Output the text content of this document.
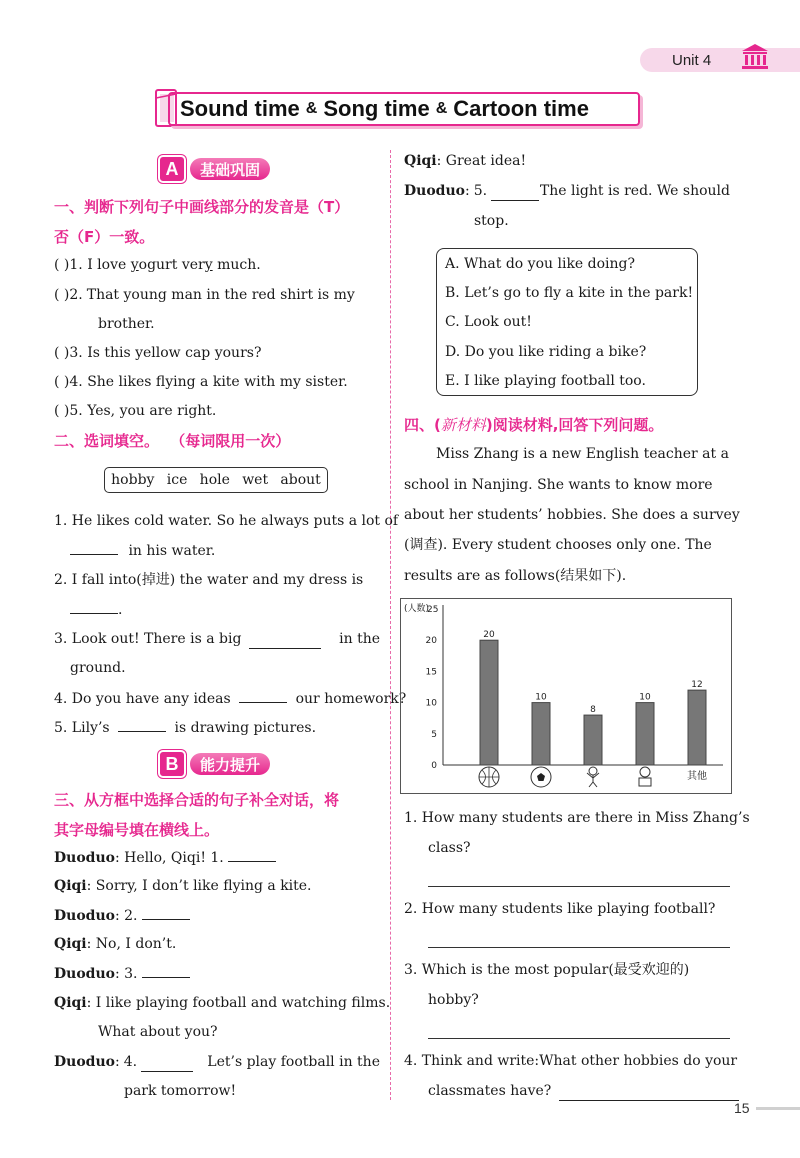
Unit 4
Sound time & Song time & Cartoon time
A	基础巩固
一、判断下列句子中画线部分的发音是（T）
否（F）一致。
( )1. I love yogurt very much.
( )2. That young man in the red shirt is my
brother.
( )3. Is this yellow cap yours?
( )4. She likes flying a kite with my sister.
( )5. Yes, you are right.
二、选词填空。 （每词限用一次）
hobby ice hole wet about
1. He likes cold water. So he always puts a lot of
in his water.
2. I fall into(掉进) the water and my dress is
.
3. Look out! There is a big	in the
ground.
4. Do you have any ideas	our homework?
5. Lily’s	is drawing pictures.
B	能力提升
三、从方框中选择合适的句子补全对话，将
其字母编号填在横线上。
Duoduo: Hello, Qiqi! 1.
Qiqi: Sorry, I don’t like flying a kite.
Duoduo: 2.
Qiqi: No, I don’t.
Duoduo: 3.
Qiqi: I like playing football and watching films.
What about you?
Duoduo : 4.	Let’s play football in the
park tomorrow!
Qiqi: Great idea!
Duoduo : 5.	The light is red. We should
stop.
A. What do you like doing?
B. Let’s go to fly a kite in the park!
C. Look out!
D. Do you like riding a bike?
E. I like playing football too.
四、(新材料)阅读材料,回答下列问题。
Miss Zhang is a new English teacher at a
school in Nanjing. She wants to know more
about her students’ hobbies. She does a survey
(调查). Every student chooses only one. The
results are as follows(结果如下).
(人数)
0
5
10
15
20
25
20
10
8
10
12
其他
1. How many students are there in Miss Zhang’s
class?
2. How many students like playing football?
3. Which is the most popular(最受欢迎的)
hobby?
4. Think and write:What other hobbies do your
classmates have?
15
